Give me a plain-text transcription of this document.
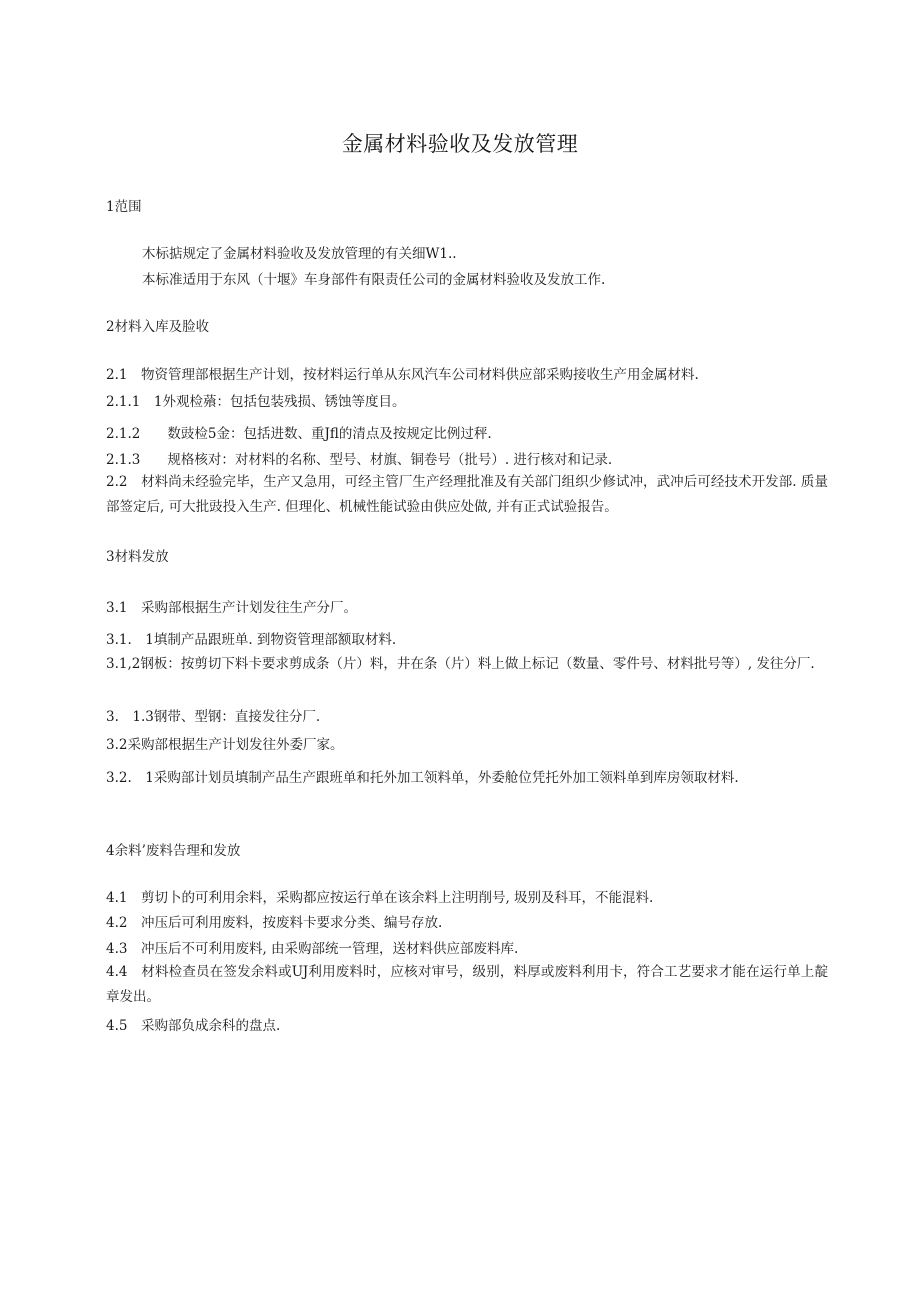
金属材料验收及发放管理
1范围
木标掂规定了金属材料验收及发放管理的有关细W1..
本标准适用于东风（十堰》车身部件有限责任公司的金属材料验收及发放工作.
2材料入库及脸收
2.1　物资管理部根据生产计划，按材料运行单从东风汽车公司材料供应部采购接收生产用金属材料.
2.1.1　1外观检薞：包括包装残损、锈蚀等度目。
2.1.2　　数豉检5金：包括进数、重Jfl的清点及按规定比例过秤.
2.1.3　　规格核对：对材料的名称、型号、材旗、铜卷号（批号）. 进行核对和记录.
2.2　材料尚未经验完毕，生产又急用，可经主管厂生产经理批准及有关部门组织少修试冲，武冲后可经技术开发部. 质量部签定后, 可大批豉投入生产. 但理化、机械性能试验由供应处做, 并有正式试验报告。
3材料发放
3.1　采购部根据生产计划发往生产分厂。
3.1.　1填制产品跟班单. 到物资管理部额取材料.
3.1,2钢板：按剪切下料卡要求剪成条（片）料，井在条（片）料上做上标记（数量、零件号、材料批号等）, 发往分厂.
3.　1.3钢带、型钢：直接发往分厂.
3.2采购部根据生产计划发往外委厂家。
3.2.　1采购部计划员填制产品生产跟班单和托外加工领料单，外委舱位凭托外加工领料单到库房领取材料.
4余料’废料告理和发放
4.1　剪切卜的可利用余料，采购都应按运行单在该余料上注明削号, 圾别及科耳，不能混料.
4.2　冲压后可利用废料，按废料卡要求分类、编号存放.
4.3　冲压后不可利用废料, 由采购部统一管理，送材料供应部废料库.
4.4　材料检查员在签发余料或UJ利用废料时，应核对审号，级别，料厚或废料利用卡，符合工艺要求才能在运行单上靛章发出。
4.5　采购部负成余科的盘点.
